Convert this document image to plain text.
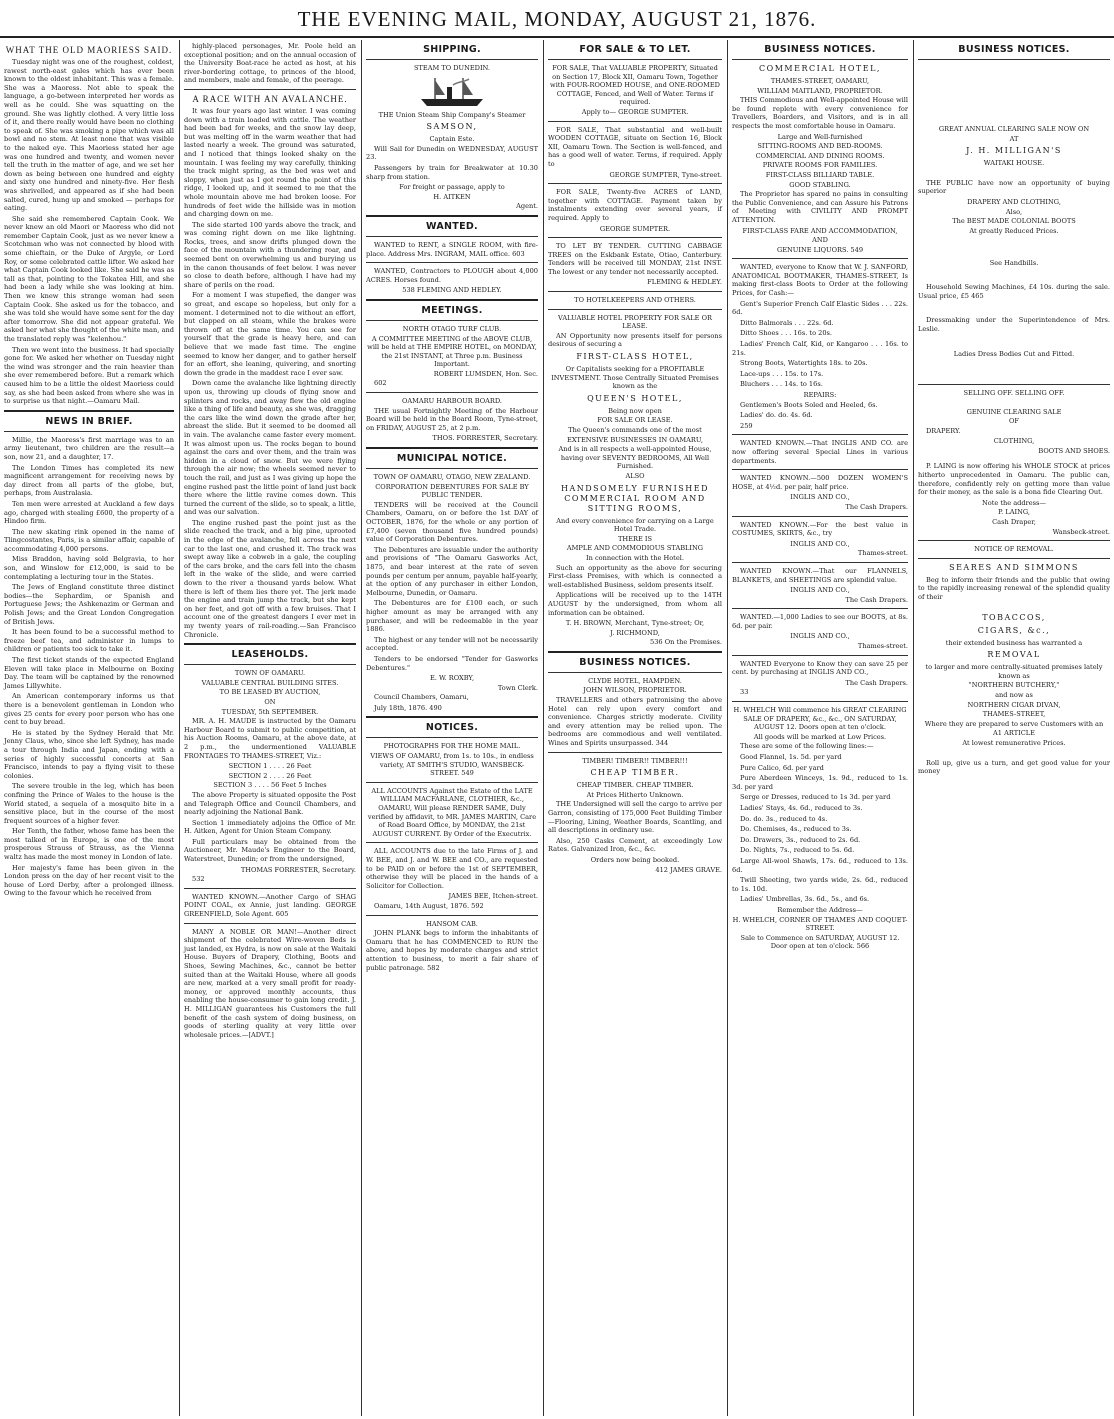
THE EVENING MAIL, MONDAY, AUGUST 21, 1876.
WHAT THE OLD MAORIESS SAID.

Tuesday night was one of the roughest, coldest, rawest north-east gales which has ever been known to the oldest inhabitant. This was a female. She was a Maoress. Not able to speak the language, a go-between interpreted her words as well as he could. She was squatting on the ground. She was lightly clothed. A very little loss of it, and there really would have been no clothing to speak of. She was smoking a pipe which was all bowl and no stem. At least none that was visible to the naked eye. This Maoriess stated her age was one hundred and twenty, and women never tell the truth in the matter of age, and we set her down as being between one hundred and eighty and sixty one hundred and ninety-five. Her flesh was shrivelled, and appeared as if she had been salted, cured, hung up and smoked — perhaps for eating.

She said she remembered Captain Cook. We never knew an old Maori or Maoress who did not remember Captain Cook, just as we never knew a Scotchman who was not connected by blood with some chieftain, or the Duke of Argyle, or Lord Roy, or some celebrated cattle lifter. We asked her what Captain Cook looked like. She said he was as tall as that, pointing to the Tokatea Hill, and she had been a lady while she was looking at him. Then we knew this strange woman had seen Captain Cook. She asked us for the tobacco, and she was told she would have some sent for the day after tomorrow. She did not appear grateful. We asked her what she thought of the white man, and the translated reply was "kelenhou."

Then we went into the business. It had specially gone for. We asked her whether on Tuesday night the wind was stronger and the rain heavier than she ever remembered before. But a remark which caused him to be a little the oldest Maoriess could say, as she had been asked from where she was in to surprise us that night.—Oamaru Mail.

NEWS IN BRIEF.

Millie, the Maoress's first marriage was to an army lieutenant, two children are the result—a son, now 21, and a daughter, 17.

The London Times has completed its new magnificent arrangement for receiving news by day direct from all parts of the globe, but, perhaps, from Australasia.

Ten men were arrested at Auckland a few days ago, charged with stealing £600, the property of a Hindoo firm.

The new skating rink opened in the name of Tlingcostantes, Paris, is a similar affair, capable of accommodating 4,000 persons.

Miss Braddon, having sold Belgravia, to her son, and Winslow for £12,000, is said to be contemplating a lecturing tour in the States.

The Jews of England constitute three distinct bodies—the Sephardim, or Spanish and Portuguese Jews; the Ashkenazim or German and Polish Jews; and the Great London Congregation of British Jews.

It has been found to be a successful method to freeze beef tea, and administer in lumps to children or patients too sick to take it.

The first ticket stands of the expected England Eleven will take place in Melbourne on Boxing Day. The team will be captained by the renowned James Lillywhite.

An American contemporary informs us that there is a benevolent gentleman in London who gives 25 cents for every poor person who has one cent to buy bread.

He is stated by the Sydney Herald that Mr. Jenny Claus, who, since she left Sydney, has made a tour through India and Japan, ending with a series of highly successful concerts at San Francisco, intends to pay a flying visit to these colonies.

The severe trouble in the leg, which has been confining the Prince of Wales to the house is the World stated, a sequela of a mosquito bite in a sensitive place, but in the course of the most frequent sources of a higher fever.

Her Tenth, the father, whose fame has been the most talked of in Europe, is one of the most prosperous Strauss of Strauss, as the Vienna waltz has made the most money in London of late.

Her majesty's fame has been given in the London press on the day of her recent visit to the house of Lord Derby, after a prolonged illness. Owing to the favour which he received from

highly-placed personages, Mr. Poole held an exceptional position; and on the annual occasion of the University Boat-race he acted as host, at his river-bordering cottage, to princes of the blood, and members, male and female, of the peerage.

A RACE WITH AN AVALANCHE.

It was four years ago last winter. I was coming down with a train loaded with cattle. The weather had been bad for weeks, and the snow lay deep, but was melting off in the warm weather that had lasted nearly a week. The ground was saturated, and I noticed that things looked shaky on the mountain. I was feeling my way carefully, thinking the track might spring, as the bed was wet and sloppy, when just as I got round the point of this ridge, I looked up, and it seemed to me that the whole mountain above me had broken loose. For hundreds of feet wide the hillside was in motion and charging down on me.

The side started 100 yards above the track, and was coming right down on me like lightning. Rocks, trees, and snow drifts plunged down the face of the mountain with a thundering roar, and seemed bent on overwhelming us and burying us in the canon thousands of feet below. I was never so close to death before, although I have had my share of perils on the road.

For a moment I was stupefied, the danger was so great, and escape so hopeless, but only for a moment. I determined not to die without an effort, but clapped on all steam, while the brakes were thrown off at the same time. You can see for yourself that the grade is heavy here, and can believe that we made fast time. The engine seemed to know her danger, and to gather herself for an effort, she leaning, quivering, and snorting down the grade in the maddest race I ever saw.

Down came the avalanche like lightning directly upon us, throwing up clouds of flying snow and splinters and rocks, and away flew the old engine like a thing of life and beauty, as she was, dragging the cars like the wind down the grade after her, abreast the slide. But it seemed to be doomed all in vain. The avalanche came faster every moment. It was almost upon us. The rocks began to bound against the cars and over them, and the train was hidden in a cloud of snow. But we were flying through the air now; the wheels seemed never to touch the rail, and just as I was giving up hope the engine rushed past the little point of land just back there where the little ravine comes down. This turned the current of the slide, so to speak, a little, and was our salvation.

The engine rushed past the point just as the slide reached the track, and a big pine, uprooted in the edge of the avalanche, fell across the next car to the last one, and crushed it. The track was swept away like a cobweb in a gale, the coupling of the cars broke, and the cars fell into the chasm left in the wake of the slide, and were carried down to the river a thousand yards below. What there is left of them lies there yet. The jerk made the engine and train jump the track, but she kept on her feet, and got off with a few bruises. That I account one of the greatest dangers I ever met in my twenty years of rail-roading.—San Francisco Chronicle.

LEASEHOLDS.
TOWN OF OAMARU.
VALUABLE CENTRAL BUILDING SITES.
TO BE LEASED BY AUCTION,
ON
TUESDAY, 5th SEPTEMBER.

MR. A. H. MAUDE is instructed by the Oamaru Harbour Board to submit to public competition, at his Auction Rooms, Oamaru, at the above date, at 2 p.m., the undermentioned VALUABLE FRONTAGES TO THAMES-STREET, Viz.:

SECTION 1 . . . . 26 Feet
SECTION 2 . . . . 26 Feet
SECTION 3 . . . . 56 Feet 5 Inches

The above Property is situated opposite the Post and Telegraph Office and Council Chambers, and nearly adjoining the National Bank.

Section 1 immediately adjoins the Office of Mr. H. Aitken, Agent for Union Steam Company.

Full particulars may be obtained from the Auctioneer, Mr. Maude's Engineer to the Board, Waterstreet, Dunedin; or from the undersigned,

THOMAS FORRESTER, Secretary.
532

WANTED KNOWN.—Another Cargo of SHAG POINT COAL, ex Annie, just landing. GEORGE GREENFIELD, Sole Agent. 605

MANY A NOBLE OR MAN!—Another direct shipment of the celebrated Wire-woven Beds is just landed, ex Hydra, is now on sale at the Waitaki House. Buyers of Drapery, Clothing, Boots and Shoes, Sewing Machines, &c., cannot be better suited than at the Waitaki House, where all goods are new, marked at a very small profit for ready-money, or approved monthly accounts, thus enabling the house-consumer to gain long credit. J. H. MILLIGAN guarantees his Customers the full benefit of the cash system of doing business, on goods of sterling quality at very little over wholesale prices.—[ADVT.]

SHIPPING.
STEAM TO DUNEDIN.
THE Union Steam Ship Company's Steamer
SAMSON,
Captain Este.

Will Sail for Dunedin on WEDNESDAY, AUGUST 23.

Passengers by train for Breakwater at 10.30 sharp from station.

For freight or passage, apply to
H. AITKEN
Agent.
WANTED.

WANTED to RENT, a SINGLE ROOM, with fire-place. Address Mrs. INGRAM, MAIL office. 603

WANTED, Contractors to PLOUGH about 4,000 ACRES. Horses found.

538 FLEMING AND HEDLEY.
MEETINGS.
NORTH OTAGO TURF CLUB.

A COMMITTEE MEETING of the ABOVE CLUB, will be held at THE EMPIRE HOTEL, on MONDAY, the 21st INSTANT, at Three p.m. Business Important.

ROBERT LUMSDEN, Hon. Sec.
602
OAMARU HARBOUR BOARD.

THE usual Fortnightly Meeting of the Harbour Board will be held in the Board Room, Tyne-street, on FRIDAY, AUGUST 25, at 2 p.m.

THOS. FORRESTER, Secretary.
MUNICIPAL NOTICE.
TOWN OF OAMARU, OTAGO, NEW ZEALAND.
CORPORATION DEBENTURES FOR SALE BY PUBLIC TENDER.

TENDERS will be received at the Council Chambers, Oamaru, on or before the 1st DAY of OCTOBER, 1876, for the whole or any portion of £7,400 (seven thousand five hundred pounds) value of Corporation Debentures.

The Debentures are issuable under the authority and provisions of "The Oamaru Gasworks Act, 1875, and bear interest at the rate of seven pounds per centum per annum, payable half-yearly, at the option of any purchaser in either London, Melbourne, Dunedin, or Oamaru.

The Debentures are for £100 each, or such higher amount as may be arranged with any purchaser, and will be redeemable in the year 1886.

The highest or any tender will not be necessarily accepted.

Tenders to be endorsed "Tender for Gasworks Debentures."

E. W. ROXBY,
Town Clerk.
Council Chambers, Oamaru,
July 18th, 1876. 490
NOTICES.
PHOTOGRAPHS FOR THE HOME MAIL.

VIEWS OF OAMARU, from 1s. to 10s., in endless variety, AT SMITH'S STUDIO, WANSBECK-STREET. 549

ALL ACCOUNTS Against the Estate of the LATE WILLIAM MACFARLANE, CLOTHIER, &c., OAMARU, Will please RENDER SAME, Duly verified by affidavit, to MR. JAMES MARTIN, Care of Road Board Office, by MONDAY, the 21st AUGUST CURRENT. By Order of the Executrix.

ALL ACCOUNTS due to the late Firms of J. and W. BEE, and J. and W. BEE and CO., are requested to be PAID on or before the 1st of SEPTEMBER, otherwise they will be placed in the hands of a Solicitor for Collection.

JAMES BEE, Itchen-street.
Oamaru, 14th August, 1876. 592
HANSOM CAB.

JOHN PLANK begs to inform the inhabitants of Oamaru that he has COMMENCED to RUN the above, and hopes by moderate charges and strict attention to business, to merit a fair share of public patronage. 582

FOR SALE & TO LET.

FOR SALE, That VALUABLE PROPERTY, Situated on Section 17, Block XII, Oamaru Town, Together with FOUR-ROOMED HOUSE, and ONE-ROOMED COTTAGE, Fenced, and Well of Water. Terms if required.

Apply to— GEORGE SUMPTER.

FOR SALE, That substantial and well-built WOODEN COTTAGE, situate on Section 16, Block XII, Oamaru Town. The Section is well-fenced, and has a good well of water. Terms, if required. Apply to

GEORGE SUMPTER, Tyne-street.

FOR SALE, Twenty-five ACRES of LAND, together with COTTAGE. Payment taken by instalments extending over several years, if required. Apply to

GEORGE SUMPTER.

TO LET BY TENDER. CUTTING CABBAGE TREES on the Eskbank Estate, Otiao, Canterbury. Tenders will be received till MONDAY, 21st INST. The lowest or any tender not necessarily accepted.

FLEMING & HEDLEY.
TO HOTELKEEPERS AND OTHERS.
VALUABLE HOTEL PROPERTY FOR SALE OR LEASE.

AN Opportunity now presents itself for persons desirous of securing a

FIRST-CLASS HOTEL,

Or Capitalists seeking for a PROFITABLE INVESTMENT. Those Centrally Situated Premises known as the

QUEEN'S HOTEL,
Being now open
FOR SALE OR LEASE.
The Queen's commands one of the most
EXTENSIVE BUSINESSES IN OAMARU,

And is in all respects a well-appointed House, having over SEVENTY BEDROOMS, All Well Furnished.

ALSO

HANDSOMELY FURNISHED COMMERCIAL ROOM AND SITTING ROOMS,

And every convenience for carrying on a Large Hotel Trade.

THERE IS
AMPLE AND COMMODIOUS STABLING
In connection with the Hotel.

Such an opportunity as the above for securing First-class Premises, with which is connected a well-established Business, seldom presents itself.

Applications will be received up to the 14TH AUGUST by the undersigned, from whom all information can be obtained.

T. H. BROWN, Merchant, Tyne-street; Or,
J. RICHMOND,
536 On the Premises.
BUSINESS NOTICES.
CLYDE HOTEL, HAMPDEN.
JOHN WILSON, PROPRIETOR.

TRAVELLERS and others patronising the above Hotel can rely upon every comfort and convenience. Charges strictly moderate. Civility and every attention may be relied upon. The bedrooms are commodious and well ventilated. Wines and Spirits unsurpassed. 344

TIMBER! TIMBER!! TIMBER!!!
CHEAP TIMBER.
CHEAP TIMBER. CHEAP TIMBER.
At Prices Hitherto Unknown.

THE Undersigned will sell the cargo to arrive per Garron, consisting of 175,000 Feet Building Timber—Flooring, Lining, Weather Boards, Scantling, and all descriptions in ordinary use.

Also, 250 Casks Cement, at exceedingly Low Rates. Galvanized Iron, &c., &c.

Orders now being booked.
412 JAMES GRAVE.
BUSINESS NOTICES.
COMMERCIAL HOTEL,
THAMES-STREET, OAMARU,
WILLIAM MAITLAND, PROPRIETOR.

THIS Commodious and Well-appointed House will be found replete with every convenience for Travellers, Boarders, and Visitors, and is in all respects the most comfortable house in Oamaru.

Large and Well-furnished
SITTING-ROOMS AND BED-ROOMS.
COMMERCIAL AND DINING ROOMS.
PRIVATE ROOMS FOR FAMILIES.
FIRST-CLASS BILLIARD TABLE.
GOOD STABLING.

The Proprietor has spared no pains in consulting the Public Convenience, and can Assure his Patrons of Meeting with CIVILITY AND PROMPT ATTENTION.

FIRST-CLASS FARE AND ACCOMMODATION,
AND
GENUINE LIQUORS. 549

WANTED, everyone to Know that W. J. SANFORD, ANATOMICAL BOOTMAKER, THAMES-STREET, Is making first-class Boots to Order at the following Prices, for Cash:—

Gent's Superior French Calf Elastic Sides . . . 22s. 6d.
Ditto Balmorals . . . 22s. 6d.
Ditto Shoes . . . 16s. to 20s.
Ladies' French Calf, Kid, or Kangaroo . . . 16s. to 21s.
Strong Boots, Watertights 18s. to 20s.
Lace-ups . . . 15s. to 17s.
Bluchers . . . 14s. to 16s.
REPAIRS:
Gentlemen's Boots Soled and Heeled, 6s.
Ladies' do. do. 4s. 6d.
259

WANTED KNOWN.—That INGLIS AND CO. are now offering several Special Lines in various departments.

WANTED KNOWN.—500 DOZEN WOMEN'S HOSE, at 4½d. per pair, half price.

INGLIS AND CO.,
The Cash Drapers.

WANTED KNOWN.—For the best value in COSTUMES, SKIRTS, &c., try

INGLIS AND CO.,
Thames-street.

WANTED KNOWN.—That our FLANNELS, BLANKETS, and SHEETINGS are splendid value.

INGLIS AND CO.,
The Cash Drapers.

WANTED.—1,000 Ladies to see our BOOTS, at 8s. 6d. per pair.

INGLIS AND CO.,
Thames-street.

WANTED Everyone to Know they can save 25 per cent. by purchasing at INGLIS AND CO.,

The Cash Drapers.
33

H. WHELCH Will commence his GREAT CLEARING SALE OF DRAPERY, &c., &c., ON SATURDAY, AUGUST 12. Doors open at ten o'clock.

All goods will be marked at Low Prices.
These are some of the following lines:—
Good Flannel, 1s. 5d. per yard
Pure Calico, 6d. per yard
Pure Aberdeen Winceys, 1s. 9d., reduced to 1s. 3d. per yard
Serge or Dresses, reduced to 1s 3d. per yard
Ladies' Stays, 4s. 6d., reduced to 3s.
Do. do. 3s., reduced to 4s.
Do. Chemises, 4s., reduced to 3s.
Do. Drawers, 3s., reduced to 2s. 6d.
Do. Nights, 7s., reduced to 5s. 6d.
Large All-wool Shawls, 17s. 6d., reduced to 13s. 6d.
Twill Sheeting, two yards wide, 2s. 6d., reduced to 1s. 10d.
Ladies' Umbrellas, 3s. 6d., 5s., and 6s.
Remember the Address—
H. WHELCH, CORNER OF THAMES AND COQUET-STREET.

Sale to Commence on SATURDAY, AUGUST 12. Door open at ten o'clock. 566

BUSINESS NOTICES.
GREAT ANNUAL CLEARING SALE NOW ON
AT
J. H. MILLIGAN'S
WAITAKI HOUSE.

THE PUBLIC have now an opportunity of buying superior

DRAPERY AND CLOTHING,
Also,
The BEST MADE COLONIAL BOOTS
At greatly Reduced Prices.
See Handbills.

Household Sewing Machines, £4 10s. during the sale. Usual price, £5 465

Dressmaking under the Superintendence of Mrs. Leslie.

Ladies Dress Bodies Cut and Fitted.
SELLING OFF. SELLING OFF.
GENUINE CLEARING SALE
OF
DRAPERY.
CLOTHING,
BOOTS AND SHOES.

P. LAING is now offering his WHOLE STOCK at prices hitherto unprecedented in Oamaru. The public can, therefore, confidently rely on getting more than value for their money, as the sale is a bona fide Clearing Out.

Note the address—
P. LAING,
Cash Draper,
Wansbeck-street.
NOTICE OF REMOVAL.
SEARES AND SIMMONS

Beg to inform their friends and the public that owing to the rapidly increasing renewal of the splendid quality of their

TOBACCOS,
CIGARS, &c.,
their extended business has warranted a
REMOVAL

to larger and more centrally-situated premises lately known as

"NORTHERN BUTCHERY,"
and now as
NORTHERN CIGAR DIVAN,
THAMES-STREET,

Where they are prepared to serve Customers with an

A1 ARTICLE
At lowest remunerative Prices.

Roll up, give us a turn, and get good value for your money
